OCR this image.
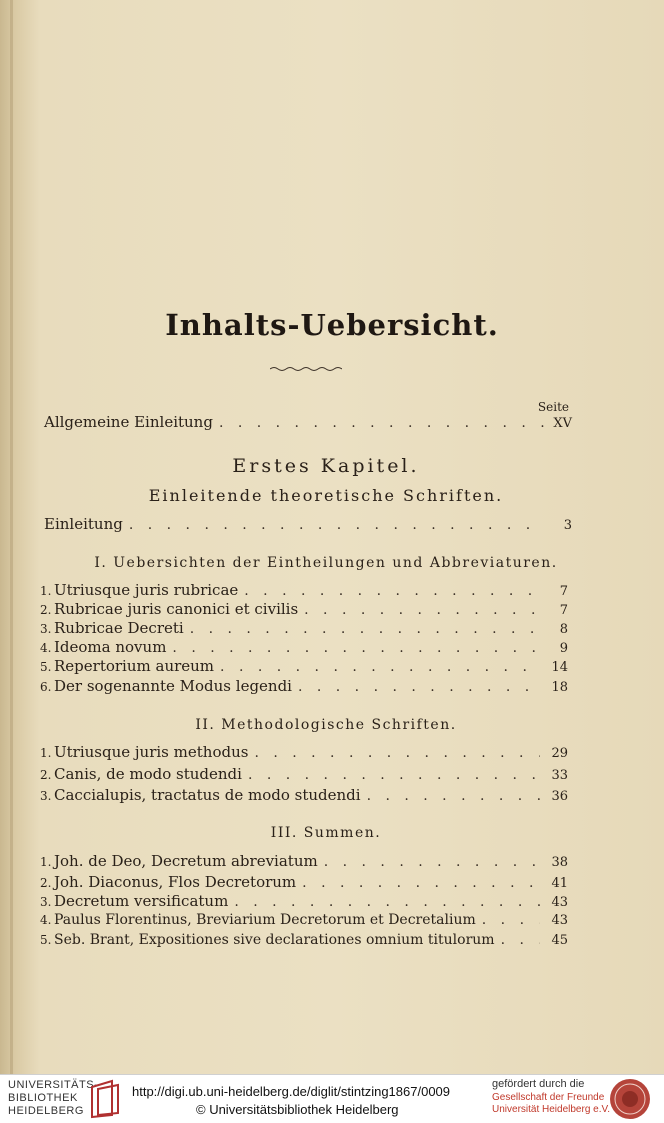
Inhalts-Uebersicht.
Seite
Allgemeine Einleitung . . .	XV
Erstes Kapitel.
Einleitende theoretische Schriften.
Einleitung . . .	3
I. Uebersichten der Eintheilungen und Abbreviaturen.
1. Utriusque juris rubricae . . .	7
2. Rubricae juris canonici et civilis . . .	7
3. Rubricae Decreti . . .	8
4. Ideoma novum . . .	9
5. Repertorium aureum . . .	14
6. Der sogenannte Modus legendi . . .	18
II. Methodologische Schriften.
1. Utriusque juris methodus . . .	29
2. Canis, de modo studendi . . .	33
3. Caccialupis, tractatus de modo studendi . . .	36
III. Summen.
1. Joh. de Deo, Decretum abreviatum . . .	38
2. Joh. Diaconus, Flos Decretorum . . .	41
3. Decretum versificatum . . .	43
4. Paulus Florentinus, Breviarium Decretorum et Decretalium . . .	43
5. Seb. Brant, Expositiones sive declarationes omnium titulorum . . .	45
UNIVERSITÄTS-
BIBLIOTHEK
HEIDELBERG
http://digi.ub.uni-heidelberg.de/diglit/stintzing1867/0009
© Universitätsbibliothek Heidelberg
gefördert durch die
Gesellschaft der Freunde
Universität Heidelberg e.V.
